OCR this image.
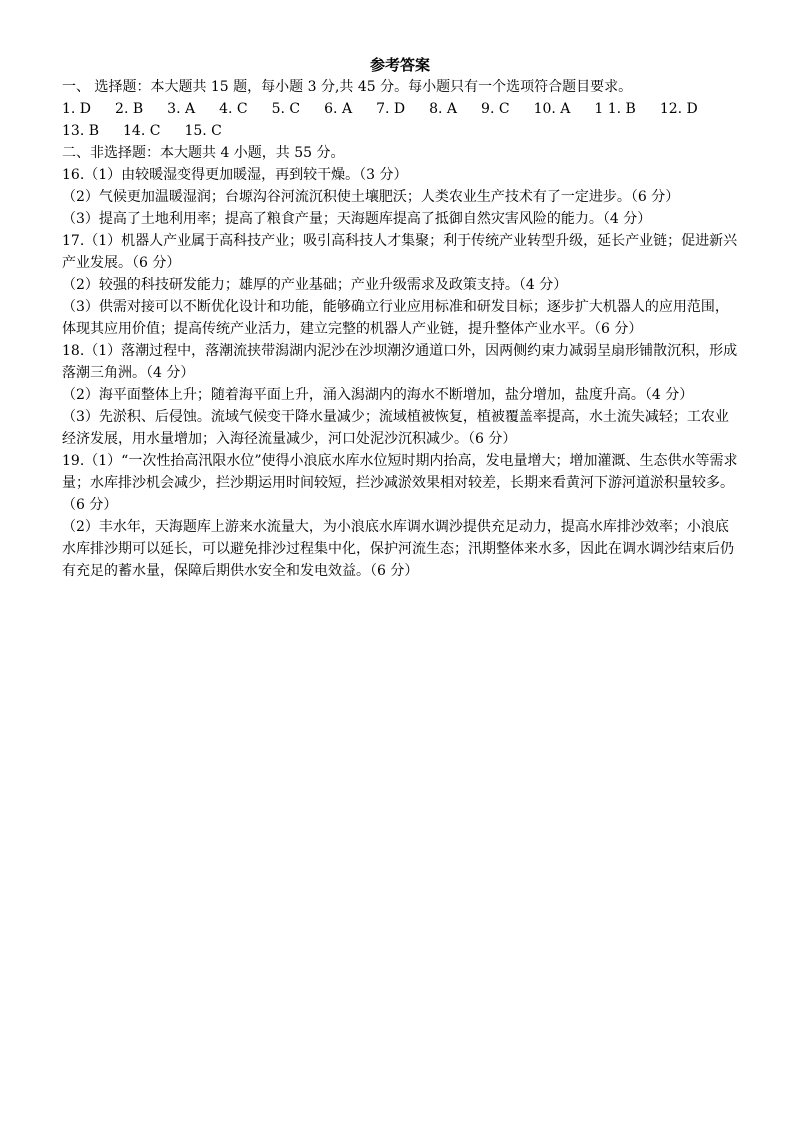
参考答案

一、 选择题：本大题共 15 题，每小题 3 分,共 45 分。每小题只有一个选项符合题目要求。

1. D 2. B 3. A 4. C 5. C 6. A 7. D 8. A 9. C 10. A 1 1. B 12. D
13. B 14. C 15. C

二、非选择题：本大题共 4 小题，共 55 分。

16.（1）由较暖湿变得更加暖湿，再到较干燥。（3 分）

（2）气候更加温暖湿润；台塬沟谷河流沉积使土壤肥沃；人类农业生产技术有了一定进步。（6 分）

（3）提高了土地利用率；提高了粮食产量；天海题库提高了抵御自然灾害风险的能力。（4 分）

17.（1）机器人产业属于高科技产业；吸引高科技人才集聚；利于传统产业转型升级，延长产业链；促进新兴产业发展。（6 分）

（2）较强的科技研发能力；雄厚的产业基础；产业升级需求及政策支持。（4 分）

（3）供需对接可以不断优化设计和功能，能够确立行业应用标准和研发目标；逐步扩大机器人的应用范围，体现其应用价值；提高传统产业活力，建立完整的机器人产业链，提升整体产业水平。（6 分）

18.（1）落潮过程中，落潮流挟带潟湖内泥沙在沙坝潮汐通道口外，因两侧约束力减弱呈扇形铺散沉积，形成落潮三角洲。（4 分）

（2）海平面整体上升；随着海平面上升，涌入潟湖内的海水不断增加，盐分增加，盐度升高。（4 分）

（3）先淤积、后侵蚀。流域气候变干降水量减少；流域植被恢复，植被覆盖率提高，水土流失减轻；工农业经济发展，用水量增加；入海径流量减少，河口处泥沙沉积减少。（6 分）

19.（1）“一次性抬高汛限水位”使得小浪底水库水位短时期内抬高，发电量增大；增加灌溉、生态供水等需求量；水库排沙机会减少，拦沙期运用时间较短，拦沙减淤效果相对较差，长期来看黄河下游河道淤积量较多。（6 分）

（2）丰水年，天海题库上游来水流量大，为小浪底水库调水调沙提供充足动力，提高水库排沙效率；小浪底水库排沙期可以延长，可以避免排沙过程集中化，保护河流生态；汛期整体来水多，因此在调水调沙结束后仍有充足的蓄水量，保障后期供水安全和发电效益。（6 分）
